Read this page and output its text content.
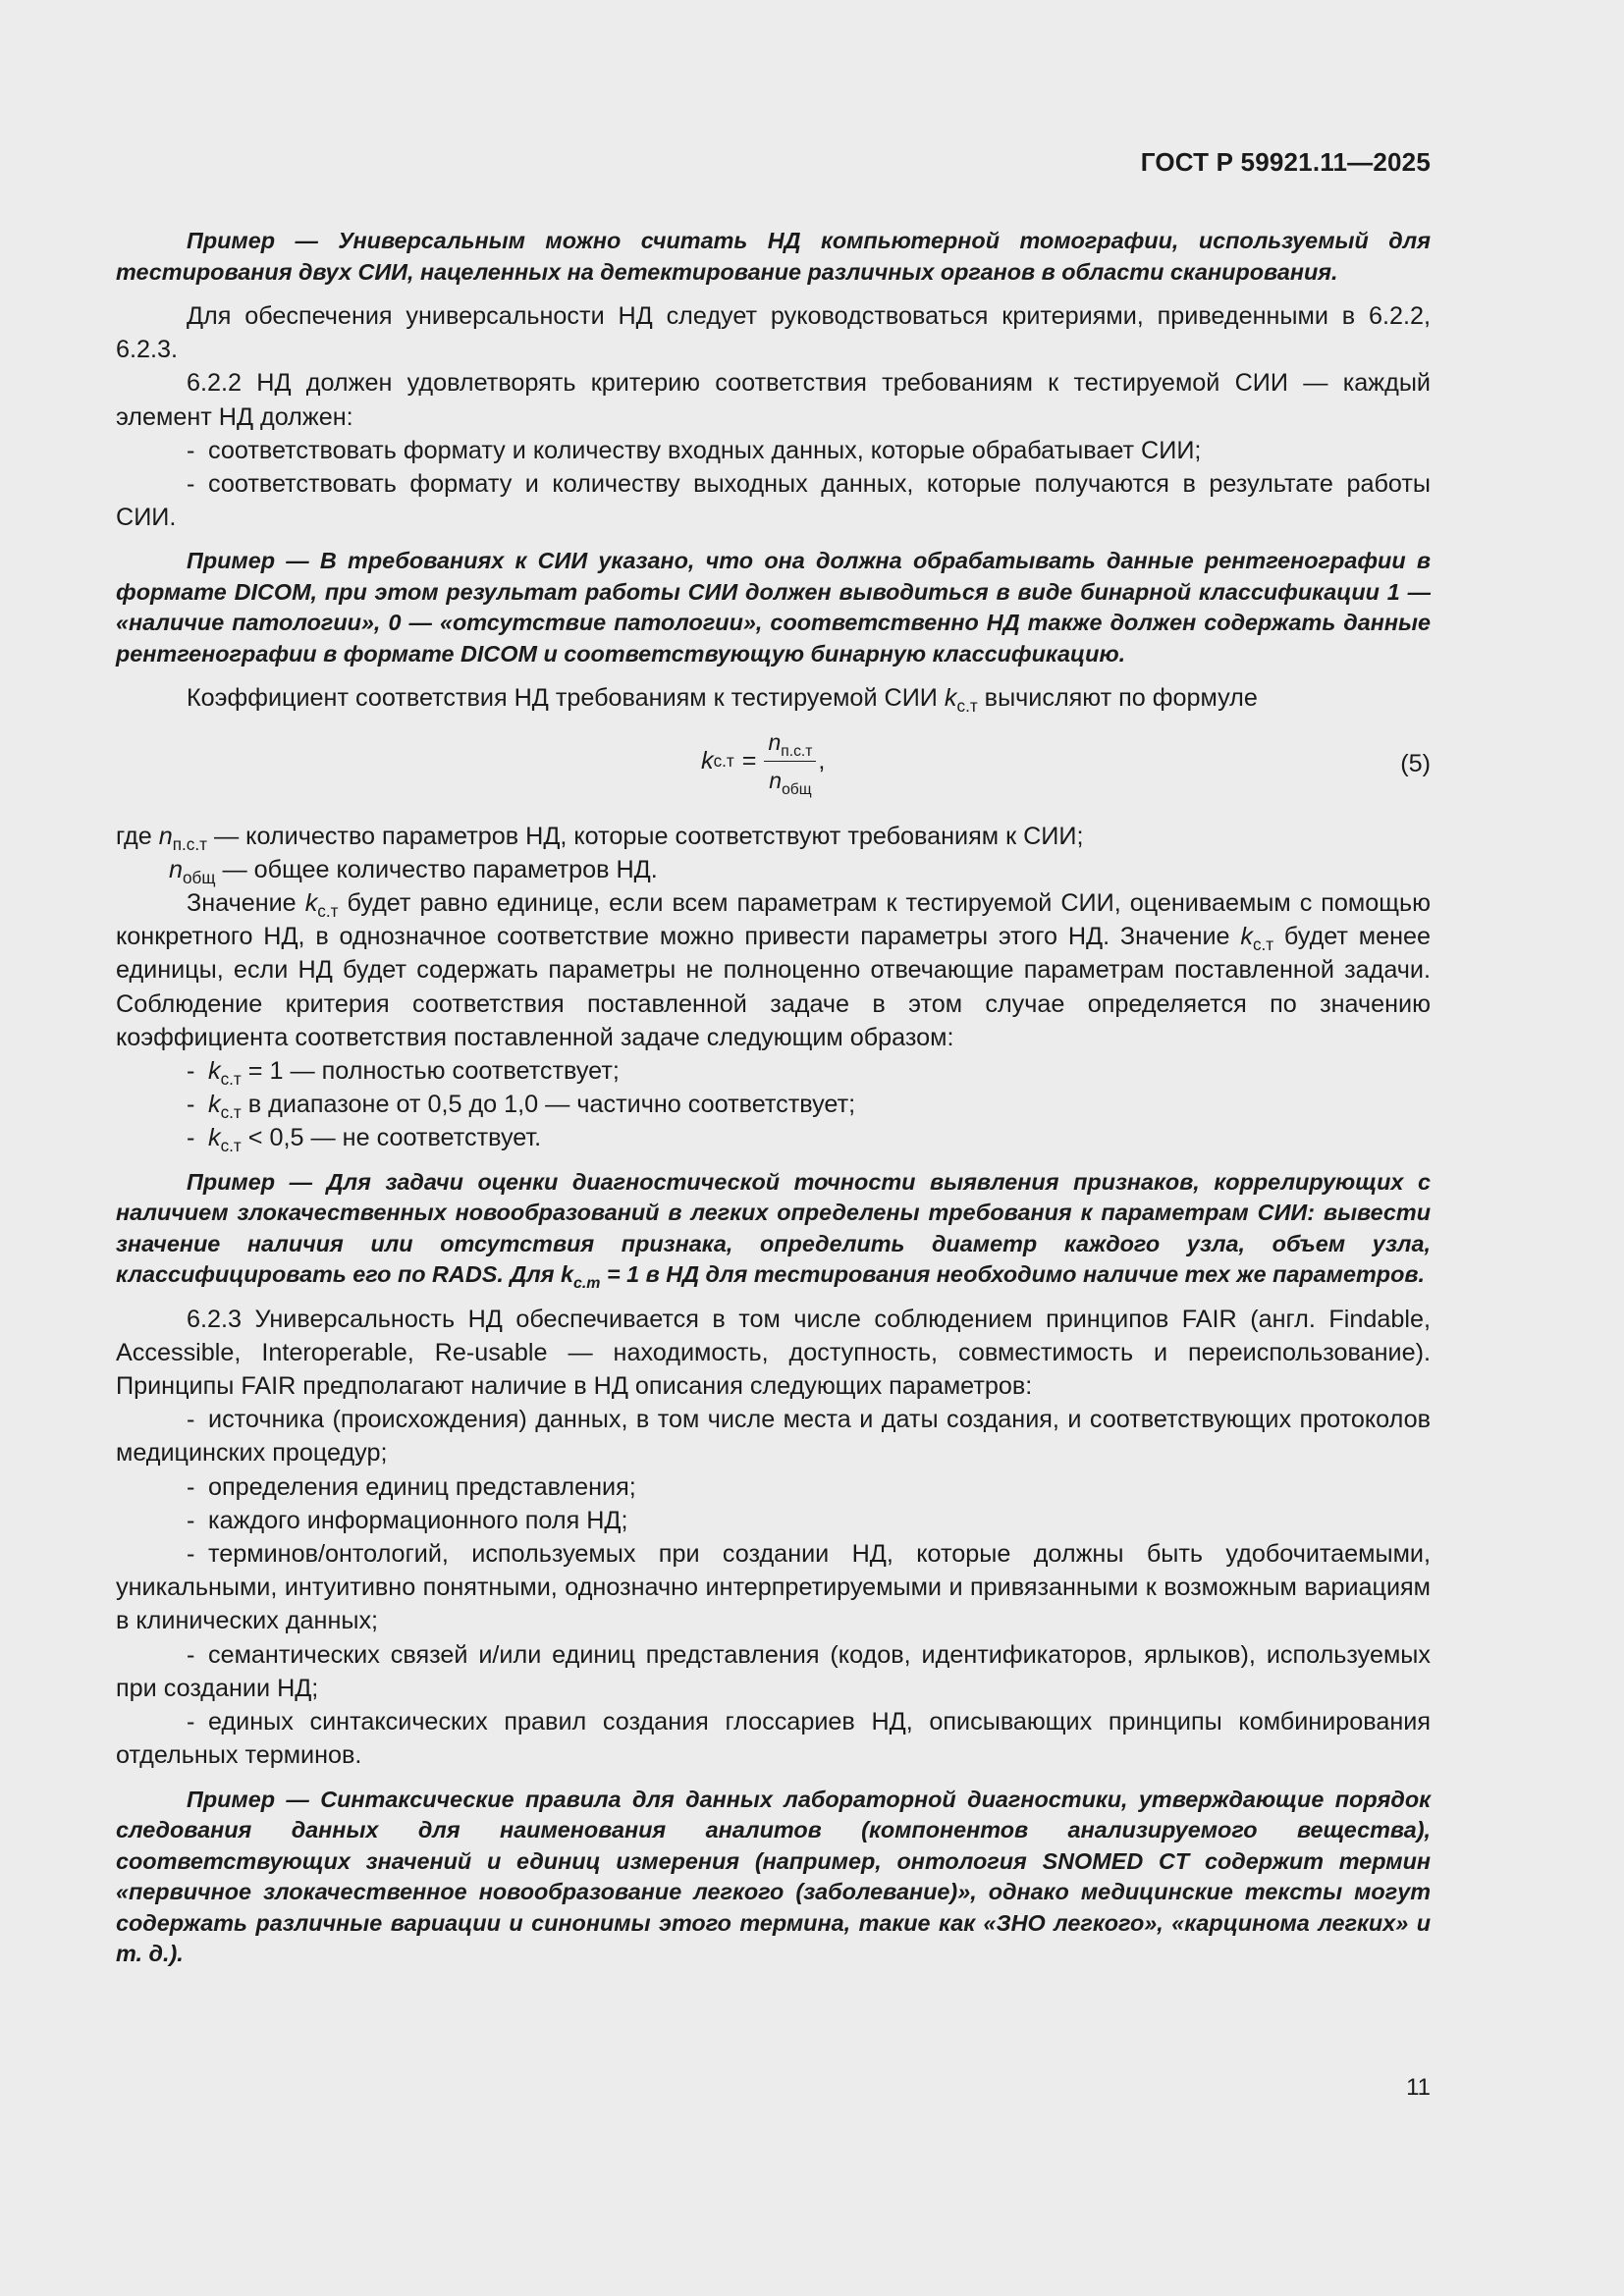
ГОСТ Р 59921.11—2025

Пример — Универсальным можно считать НД компьютерной томографии, используемый для тестирования двух СИИ, нацеленных на детектирование различных органов в области сканирования.

Для обеспечения универсальности НД следует руководствоваться критериями, приведенными в 6.2.2, 6.2.3.

6.2.2 НД должен удовлетворять критерию соответствия требованиям к тестируемой СИИ — каждый элемент НД должен:

- соответствовать формату и количеству входных данных, которые обрабатывает СИИ;

- соответствовать формату и количеству выходных данных, которые получаются в результате работы СИИ.

Пример — В требованиях к СИИ указано, что она должна обрабатывать данные рентгенографии в формате DICOM, при этом результат работы СИИ должен выводиться в виде бинарной классификации 1 — «наличие патологии», 0 — «отсутствие патологии», соответственно НД также должен содержать данные рентгенографии в формате DICOM и соответствующую бинарную классификацию.

Коэффициент соответствия НД требованиям к тестируемой СИИ $k_{с.т}$ вычисляют по формуле

k $с.т = \frac{n_{п.с.т}}{n_{общ}}$ ,	(5)

где $n_{п.с.т}$ — количество параметров НД, которые соответствуют требованиям к СИИ;

$n_{общ}$ — общее количество параметров НД.

Значение $k_{с.т}$ будет равно единице, если всем параметрам к тестируемой СИИ, оцениваемым с помощью конкретного НД, в однозначное соответствие можно привести параметры этого НД. Значение $k_{с.т}$ будет менее единицы, если НД будет содержать параметры не полноценно отвечающие параметрам поставленной задачи. Соблюдение критерия соответствия поставленной задаче в этом случае определяется по значению коэффициента соответствия поставленной задаче следующим образом:

- $k_{с.т} = 1$ — полностью соответствует;

- $k_{с.т}$ в диапазоне от 0,5 до 1,0 — частично соответствует;

- $k_{с.т} < 0,5$ — не соответствует.

Пример — Для задачи оценки диагностической точности выявления признаков, коррелирующих с наличием злокачественных новообразований в легких определены требования к параметрам СИИ: вывести значение наличия или отсутствия признака, определить диаметр каждого узла, объем узла, классифицировать его по RADS. Для $k_{с.т} = 1$ в НД для тестирования необходимо наличие тех же параметров.

6.2.3 Универсальность НД обеспечивается в том числе соблюдением принципов FAIR (англ. Findable, Accessible, Interoperable, Re-usable — находимость, доступность, совместимость и переиспользование). Принципы FAIR предполагают наличие в НД описания следующих параметров:

- источника (происхождения) данных, в том числе места и даты создания, и соответствующих протоколов медицинских процедур;

- определения единиц представления;

- каждого информационного поля НД;

- терминов/онтологий, используемых при создании НД, которые должны быть удобочитаемыми, уникальными, интуитивно понятными, однозначно интерпретируемыми и привязанными к возможным вариациям в клинических данных;

- семантических связей и/или единиц представления (кодов, идентификаторов, ярлыков), используемых при создании НД;

- единых синтаксических правил создания глоссариев НД, описывающих принципы комбинирования отдельных терминов.

Пример — Синтаксические правила для данных лабораторной диагностики, утверждающие порядок следования данных для наименования аналитов (компонентов анализируемого вещества), соответствующих значений и единиц измерения (например, онтология SNOMED CT содержит термин «первичное злокачественное новообразование легкого (заболевание)», однако медицинские тексты могут содержать различные вариации и синонимы этого термина, такие как «ЗНО легкого», «карцинома легких» и т. д.).

11
